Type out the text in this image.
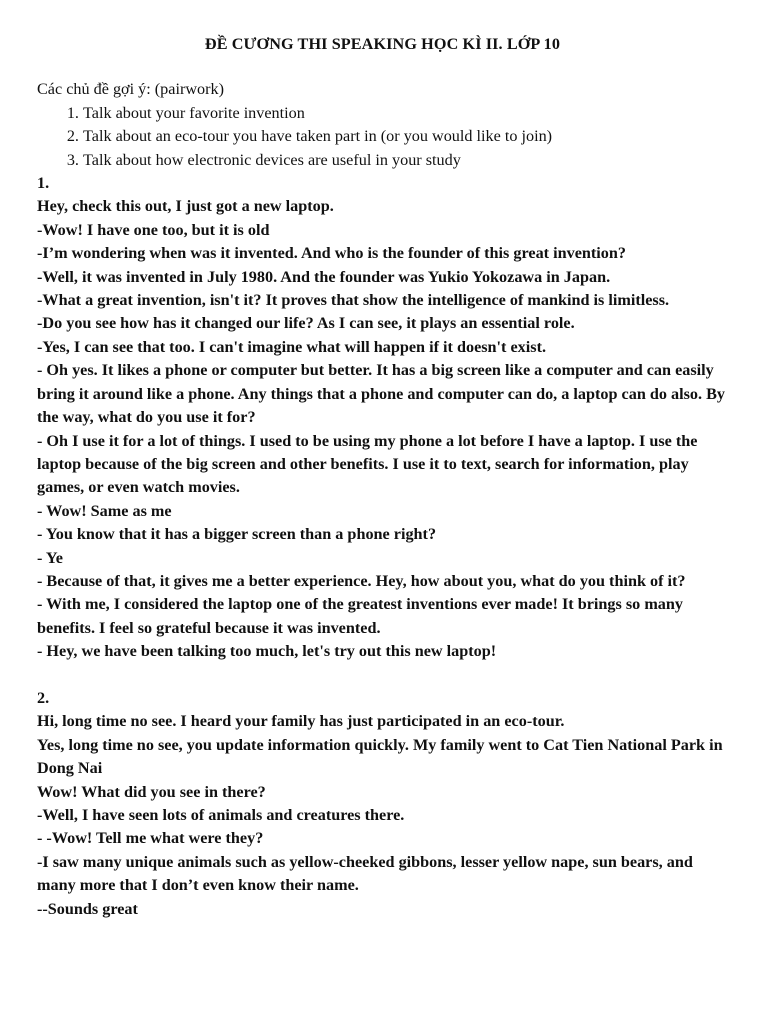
ĐỀ CƯƠNG THI SPEAKING HỌC KÌ II. LỚP 10
Các chủ đề gợi ý: (pairwork)
1. Talk about your favorite invention
2. Talk about an eco-tour you have taken part in (or you would like to join)
3. Talk about how electronic devices are useful in your study

1.

Hey, check this out, I just got a new laptop.

-Wow! I have one too, but it is old

-I’m wondering when was it invented. And who is the founder of this great invention?

-Well, it was invented in July 1980. And the founder was Yukio Yokozawa in Japan.

-What a great invention, isn't it? It proves that show the intelligence of mankind is limitless.

-Do you see how has it changed our life? As I can see, it plays an essential role.

-Yes, I can see that too. I can't imagine what will happen if it doesn't exist.

- Oh yes. It likes a phone or computer but better. It has a big screen like a computer and can easily bring it around like a phone. Any things that a phone and computer can do, a laptop can do also. By the way, what do you use it for?

- Oh I use it for a lot of things. I used to be using my phone a lot before I have a laptop. I use the laptop because of the big screen and other benefits. I use it to text, search for information, play games, or even watch movies.

- Wow! Same as me

- You know that it has a bigger screen than a phone right?

- Ye

- Because of that, it gives me a better experience. Hey, how about you, what do you think of it?

- With me, I considered the laptop one of the greatest inventions ever made! It brings so many benefits. I feel so grateful because it was invented.

- Hey, we have been talking too much, let's try out this new laptop!

2.

Hi, long time no see. I heard your family has just participated in an eco-tour.

Yes, long time no see, you update information quickly. My family went to Cat Tien National Park in Dong Nai

Wow! What did you see in there?

-Well, I have seen lots of animals and creatures there.

- -Wow! Tell me what were they?

-I saw many unique animals such as yellow-cheeked gibbons, lesser yellow nape, sun bears, and many more that I don’t even know their name.

--Sounds great
